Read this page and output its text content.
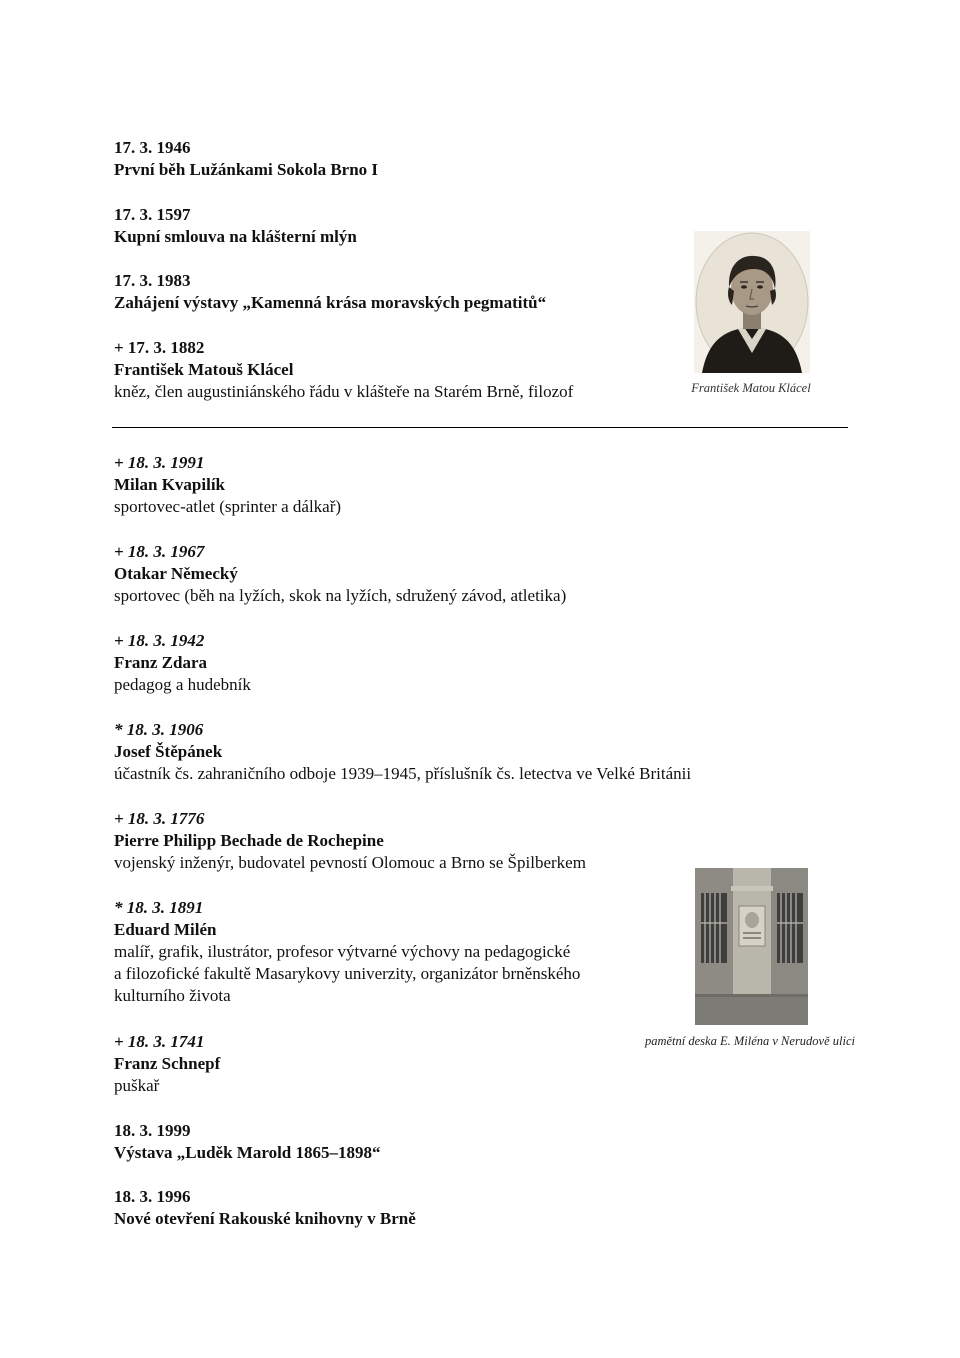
17. 3. 1946
První běh Lužánkami Sokola Brno I
17. 3. 1597
Kupní smlouva na klášterní mlýn
17. 3. 1983
Zahájení výstavy „Kamenná krása moravských pegmatitů“
+ 17. 3. 1882
František Matouš Klácel
kněz, člen augustiniánského řádu v klášteře na Starém Brně, filozof	František Matou Klácel
+ 18. 3. 1991
Milan Kvapilík
sportovec-atlet (sprinter a dálkař)
+ 18. 3. 1967
Otakar Německý
sportovec (běh na lyžích, skok na lyžích, sdružený závod, atletika)
+ 18. 3. 1942
Franz Zdara
pedagog a hudebník
* 18. 3. 1906
Josef Štěpánek
účastník čs. zahraničního odboje 1939–1945, příslušník čs. letectva ve Velké Británii
+ 18. 3. 1776
Pierre Philipp Bechade de Rochepine
vojenský inženýr, budovatel pevností Olomouc a Brno se Špilberkem
* 18. 3. 1891
Eduard Milén
malíř, grafik, ilustrátor, profesor výtvarné výchovy na pedagogické
a filozofické fakultě Masarykovy univerzity, organizátor brněnského
kulturního života
pamětní deska E. Miléna v Nerudově ulici
+ 18. 3. 1741
Franz Schnepf
puškař
18. 3. 1999
Výstava „Luděk Marold 1865–1898“
18. 3. 1996
Nové otevření Rakouské knihovny v Brně
